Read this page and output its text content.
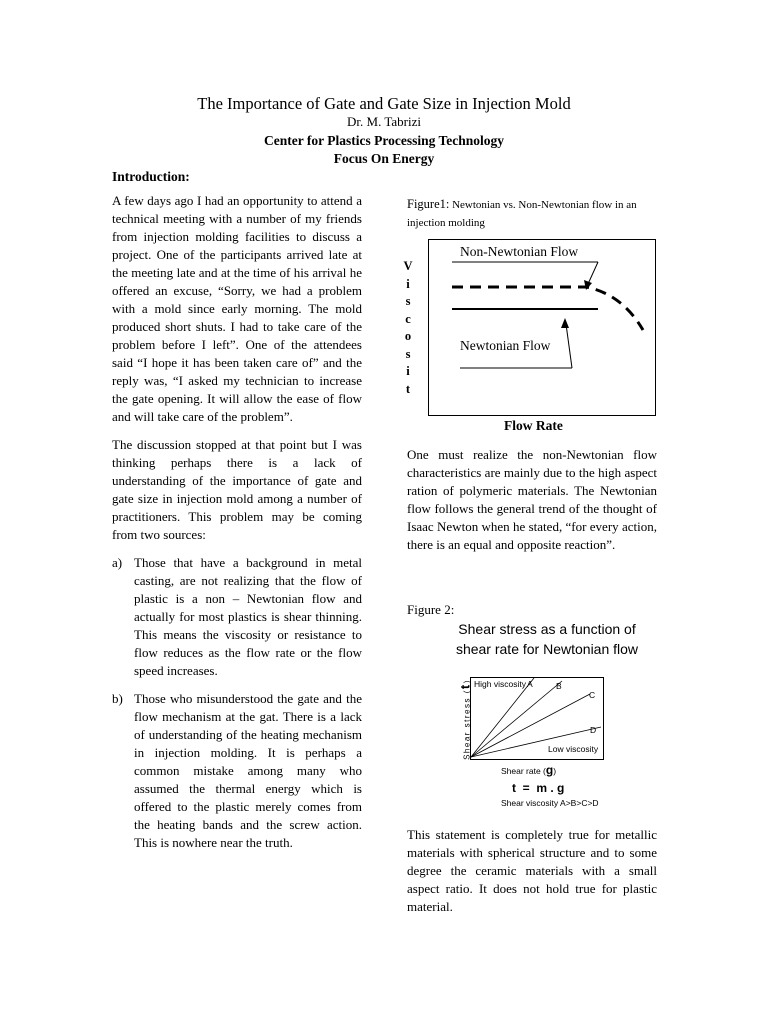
The Importance of Gate and Gate Size in Injection Mold
Dr. M. Tabrizi
Center for Plastics Processing Technology
Focus On Energy
Introduction:

A few days ago I had an opportunity to attend a technical meeting with a number of my friends from injection molding facilities to discuss a project. One of the participants arrived late at the meeting late and at the time of his arrival he offered an excuse, “Sorry, we had a problem with a mold since early morning. The mold produced short shuts. I had to take care of the problem before I left”. One of the attendees said “I hope it has been taken care of” and the reply was, “I asked my technician to increase the gate opening. It will allow the ease of flow and will take care of the problem”.

The discussion stopped at that point but I was thinking perhaps there is a lack of understanding of the importance of gate and gate size in injection mold among a number of practitioners. This problem may be coming from two sources:

a) Those that have a background in metal casting, are not realizing that the flow of plastic is a non – Newtonian flow and actually for most plastics is shear thinning. This means the viscosity or resistance to flow reduces as the flow rate or the flow speed increases.
b) Those who misunderstood the gate and the flow mechanism at the gat. There is a lack of understanding of the heating mechanism in injection molding. It is perhaps a common mistake among many who assumed the thermal energy which is offered to the plastic merely comes from the heating bands and the screw action. This is nowhere near the truth.
Figure1: Newtonian vs. Non-Newtonian flow in an injection molding
V
i
s
c
o
s
i
t
Non-Newtonian Flow
Newtonian Flow
Flow Rate

One must realize the non-Newtonian flow characteristics are mainly due to the high aspect ration of polymeric materials. The Newtonian flow follows the general trend of the thought of Isaac Newton when he stated, “for every action, there is an equal and opposite reaction”.

Figure 2:
Shear stress as a function of
shear rate for Newtonian flow
High viscosity A	B
C
D
Low viscosity
Shear stress (t)
Shear rate (g)
t  =  m . g
Shear viscosity A>B>C>D

This statement is completely true for metallic materials with spherical structure and to some degree the ceramic materials with a small aspect ratio. It does not hold true for plastic material.
